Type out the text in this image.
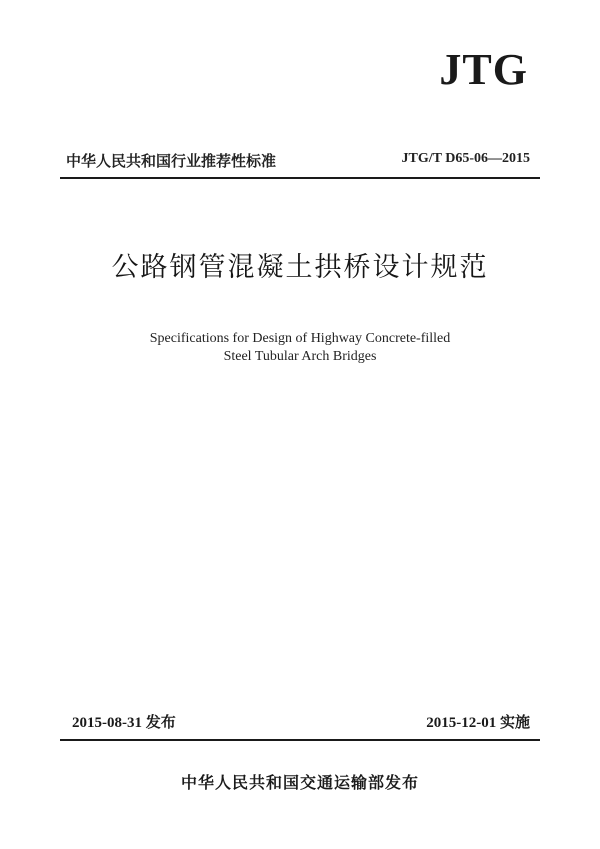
JTG
中华人民共和国行业推荐性标准	JTG/T D65-06—2015
公路钢管混凝土拱桥设计规范
Specifications for Design of Highway Concrete-filled
Steel Tubular Arch Bridges
2015-08-31 发布	2015-12-01 实施
中华人民共和国交通运输部发布
